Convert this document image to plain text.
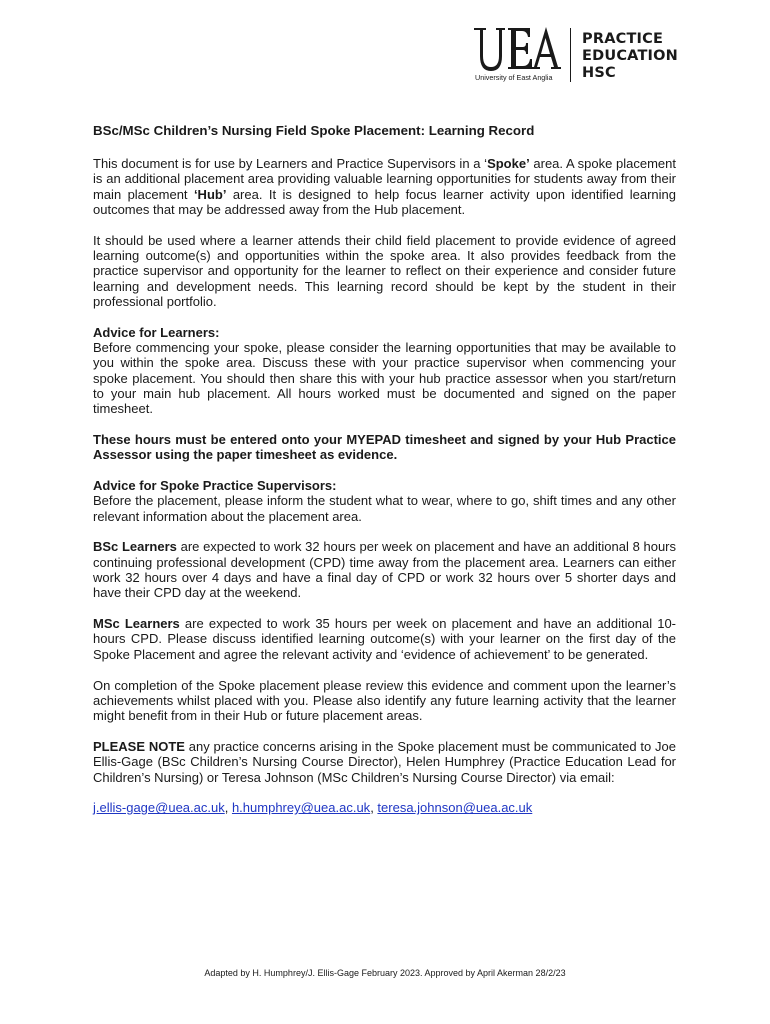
University of East Anglia
PRACTICE
EDUCATION
HSC
BSc/MSc Children’s Nursing Field Spoke Placement: Learning Record

This document is for use by Learners and Practice Supervisors in a ‘Spoke’ area. A spoke placement is an additional placement area providing valuable learning opportunities for students away from their main placement ‘Hub’ area. It is designed to help focus learner activity upon identified learning outcomes that may be addressed away from the Hub placement.

It should be used where a learner attends their child field placement to provide evidence of agreed learning outcome(s) and opportunities within the spoke area. It also provides feedback from the practice supervisor and opportunity for the learner to reflect on their experience and consider future learning and development needs. This learning record should be kept by the student in their professional portfolio.

Advice for Learners:

Before commencing your spoke, please consider the learning opportunities that may be available to you within the spoke area. Discuss these with your practice supervisor when commencing your spoke placement. You should then share this with your hub practice assessor when you start/return to your main hub placement. All hours worked must be documented and signed on the paper timesheet.

These hours must be entered onto your MYEPAD timesheet and signed by your Hub Practice Assessor using the paper timesheet as evidence.

Advice for Spoke Practice Supervisors:

Before the placement, please inform the student what to wear, where to go, shift times and any other relevant information about the placement area.

BSc Learners are expected to work 32 hours per week on placement and have an additional 8 hours continuing professional development (CPD) time away from the placement area. Learners can either work 32 hours over 4 days and have a final day of CPD or work 32 hours over 5 shorter days and have their CPD day at the weekend.

MSc Learners are expected to work 35 hours per week on placement and have an additional 10-hours CPD. Please discuss identified learning outcome(s) with your learner on the first day of the Spoke Placement and agree the relevant activity and ‘evidence of achievement’ to be generated.

On completion of the Spoke placement please review this evidence and comment upon the learner’s achievements whilst placed with you. Please also identify any future learning activity that the learner might benefit from in their Hub or future placement areas.

PLEASE NOTE any practice concerns arising in the Spoke placement must be communicated to Joe Ellis-Gage (BSc Children’s Nursing Course Director), Helen Humphrey (Practice Education Lead for Children’s Nursing) or Teresa Johnson (MSc Children’s Nursing Course Director) via email:

j.ellis-gage@uea.ac.uk, h.humphrey@uea.ac.uk, teresa.johnson@uea.ac.uk

Adapted by H. Humphrey/J. Ellis-Gage February 2023. Approved by April Akerman 28/2/23
